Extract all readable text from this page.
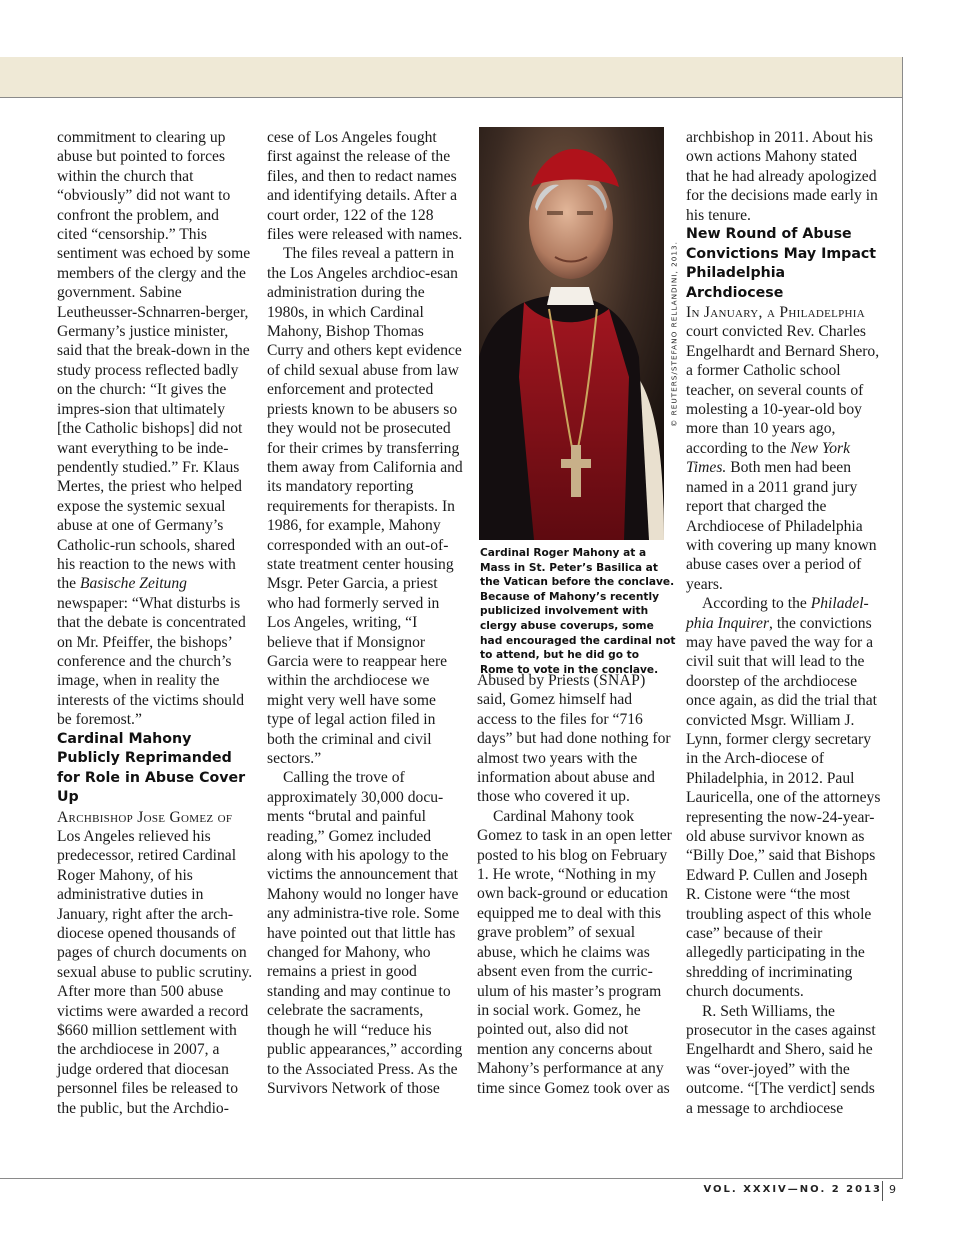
commitment to clearing up abuse but pointed to forces within the church that “obviously” did not want to confront the problem, and cited “censorship.” This sentiment was echoed by some members of the clergy and the government. Sabine Leutheusser-Schnarren-berger, Germany’s justice minister, said that the break-down in the study process reflected badly on the church: “It gives the impres-sion that ultimately [the Catholic bishops] did not want everything to be inde-pendently studied.” Fr. Klaus Mertes, the priest who helped expose the systemic sexual abuse at one of Germany’s Catholic-run schools, shared his reaction to the news with the Basische Zeitung newspaper: “What disturbs is that the debate is concentrated on Mr. Pfeiffer, the bishops’ conference and the church’s image, when in reality the interests of the victims should be foremost.”

Cardinal Mahony Publicly Reprimanded for Role in Abuse Cover Up

Archbishop Jose Gomez of Los Angeles relieved his predecessor, retired Cardinal Roger Mahony, of his administrative duties in January, right after the arch-diocese opened thousands of pages of church documents on sexual abuse to public scrutiny. After more than 500 abuse victims were awarded a record $660 million settlement with the archdiocese in 2007, a judge ordered that diocesan personnel files be released to the public, but the Archdio-

cese of Los Angeles fought first against the release of the files, and then to redact names and identifying details. After a court order, 122 of the 128 files were released with names.

The files reveal a pattern in the Los Angeles archdioc-esan administration during the 1980s, in which Cardinal Mahony, Bishop Thomas Curry and others kept evidence of child sexual abuse from law enforcement and protected priests known to be abusers so they would not be prosecuted for their crimes by transferring them away from California and its mandatory reporting requirements for therapists. In 1986, for example, Mahony corresponded with an out-of-state treatment center housing Msgr. Peter Garcia, a priest who had formerly served in Los Angeles, writing, “I believe that if Monsignor Garcia were to reappear here within the archdiocese we might very well have some type of legal action filed in both the criminal and civil sectors.”

Calling the trove of approximately 30,000 docu-ments “brutal and painful reading,” Gomez included along with his apology to the victims the announcement that Mahony would no longer have any administra-tive role. Some have pointed out that little has changed for Mahony, who remains a priest in good standing and may continue to celebrate the sacraments, though he will “reduce his public appearances,” according to the Associated Press. As the Survivors Network of those

© REUTERS/STEFANO RELLANDINI, 2013.
Cardinal Roger Mahony at a Mass in St. Peter’s Basilica at the Vatican before the conclave. Because of Mahony’s recently publicized involvement with clergy abuse coverups, some had encouraged the cardinal not to attend, but he did go to Rome to vote in the conclave.

Abused by Priests (SNAP) said, Gomez himself had access to the files for “716 days” but had done nothing for almost two years with the information about abuse and those who covered it up.

Cardinal Mahony took Gomez to task in an open letter posted to his blog on February 1. He wrote, “Nothing in my own back-ground or education equipped me to deal with this grave problem” of sexual abuse, which he claims was absent even from the curric-ulum of his master’s program in social work. Gomez, he pointed out, also did not mention any concerns about Mahony’s performance at any time since Gomez took over as

archbishop in 2011. About his own actions Mahony stated that he had already apologized for the decisions made early in his tenure.

New Round of Abuse Convictions May Impact Philadelphia Archdiocese

In January, a Philadelphia court convicted Rev. Charles Engelhardt and Bernard Shero, a former Catholic school teacher, on several counts of molesting a 10-year-old boy more than 10 years ago, according to the New York Times. Both men had been named in a 2011 grand jury report that charged the Archdiocese of Philadelphia with covering up many known abuse cases over a period of years.

According to the Philadel-phia Inquirer, the convictions may have paved the way for a civil suit that will lead to the doorstep of the archdiocese once again, as did the trial that convicted Msgr. William J. Lynn, former clergy secretary in the Arch-diocese of Philadelphia, in 2012. Paul Lauricella, one of the attorneys representing the now-24-year-old abuse survivor known as “Billy Doe,” said that Bishops Edward P. Cullen and Joseph R. Cistone were “the most troubling aspect of this whole case” because of their allegedly participating in the shredding of incriminating church documents.

R. Seth Williams, the prosecutor in the cases against Engelhardt and Shero, said he was “over-joyed” with the outcome. “[The verdict] sends a message to archdiocese

VOL. XXXIV—NO. 2 2013 9
